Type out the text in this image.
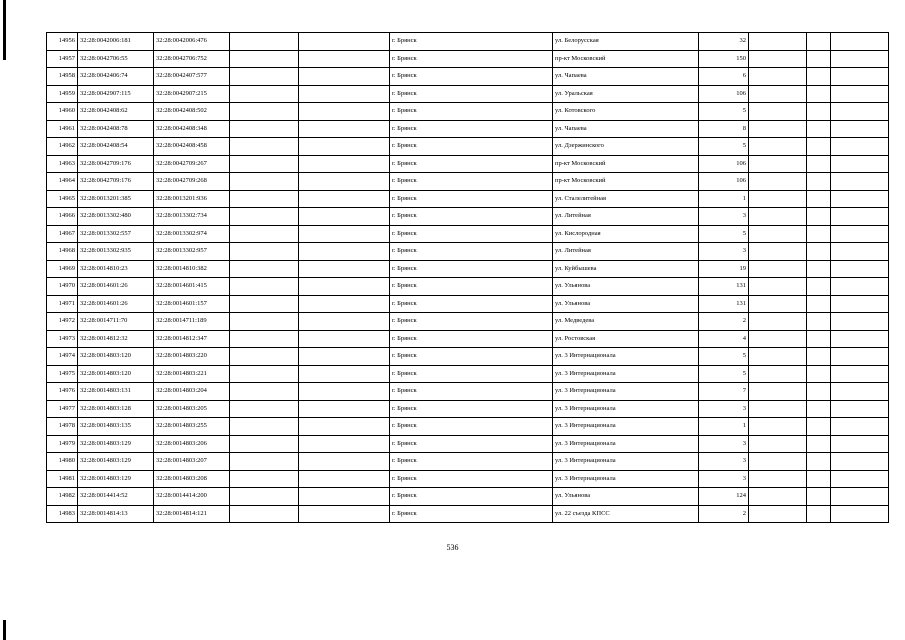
14956	32:28:0042006:181	32:28:0042006:476			г. Брянск	ул. Белорусская	32			
14957	32:28:0042706:55	32:28:0042706:752			г. Брянск	пр-кт Московский	150			
14958	32:28:0042406:74	32:28:0042407:577			г. Брянск	ул. Чапаева	6			
14959	32:28:0042907:115	32:28:0042907:215			г. Брянск	ул. Уральская	106			
14960	32:28:0042408:62	32:28:0042408:502			г. Брянск	ул. Котовского	5			
14961	32:28:0042408:78	32:28:0042408:348			г. Брянск	ул. Чапаева	8			
14962	32:28:0042408:54	32:28:0042408:458			г. Брянск	ул. Дзержинского	5			
14963	32:28:0042709:176	32:28:0042709:267			г. Брянск	пр-кт Московский	106			
14964	32:28:0042709:176	32:28:0042709:268			г. Брянск	пр-кт Московский	106			
14965	32:28:0013201:385	32:28:0013201:936			г. Брянск	ул. Сталелитейная	1			
14966	32:28:0013302:480	32:28:0013302:734			г. Брянск	ул. Литейная	3			
14967	32:28:0013302:557	32:28:0013302:974			г. Брянск	ул. Кислородная	5			
14968	32:28:0013302:935	32:28:0013302:957			г. Брянск	ул. Литейная	3			
14969	32:28:0014810:23	32:28:0014810:382			г. Брянск	ул. Куйбышева	19			
14970	32:28:0014601:26	32:28:0014601:415			г. Брянск	ул. Ульянова	131			
14971	32:28:0014601:26	32:28:0014601:157			г. Брянск	ул. Ульянова	131			
14972	32:28:0014711:70	32:28:0014711:189			г. Брянск	ул. Медведева	2			
14973	32:28:0014812:32	32:28:0014812:347			г. Брянск	ул. Ростовская	4			
14974	32:28:0014803:120	32:28:0014803:220			г. Брянск	ул. 3 Интернационала	5			
14975	32:28:0014803:120	32:28:0014803:221			г. Брянск	ул. 3 Интернационала	5			
14976	32:28:0014803:131	32:28:0014803:204			г. Брянск	ул. 3 Интернационала	7			
14977	32:28:0014803:128	32:28:0014803:205			г. Брянск	ул. 3 Интернационала	3			
14978	32:28:0014803:135	32:28:0014803:255			г. Брянск	ул. 3 Интернационала	1			
14979	32:28:0014803:129	32:28:0014803:206			г. Брянск	ул. 3 Интернационала	3			
14980	32:28:0014803:129	32:28:0014803:207			г. Брянск	ул. 3 Интернационала	3			
14981	32:28:0014803:129	32:28:0014803:208			г. Брянск	ул. 3 Интернационала	3			
14982	32:28:0014414:52	32:28:0014414:200			г. Брянск	ул. Ульянова	124			
14983	32:28:0014814:13	32:28:0014814:121			г. Брянск	ул. 22 съезда КПСС	2			
536
